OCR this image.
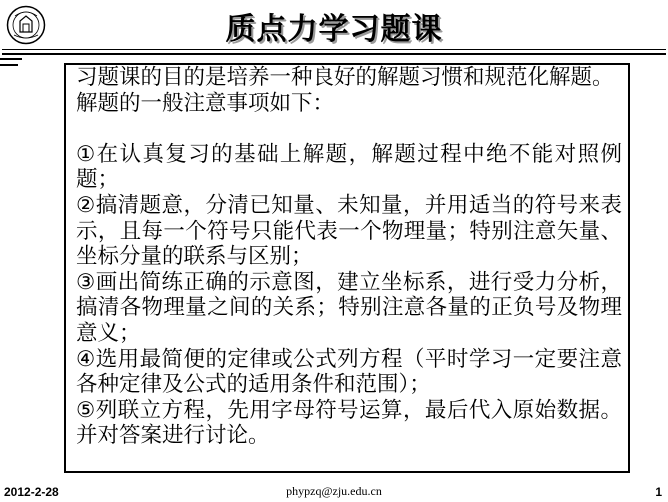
质点力学习题课

习题课的目的是培养一种良好的解题习惯和规范化解题。

解题的一般注意事项如下：

①在认真复习的基础上解题，解题过程中绝不能对照例题；

②搞清题意，分清已知量、未知量，并用适当的符号来表示，且每一个符号只能代表一个物理量；特别注意矢量、坐标分量的联系与区别；

③画出简练正确的示意图，建立坐标系，进行受力分析，搞清各物理量之间的关系；特别注意各量的正负号及物理意义；

④选用最简便的定律或公式列方程（平时学习一定要注意各种定律及公式的适用条件和范围）；

⑤列联立方程，先用字母符号运算，最后代入原始数据。并对答案进行讨论。

2012-2-28	phypzq@zju.edu.cn	1
